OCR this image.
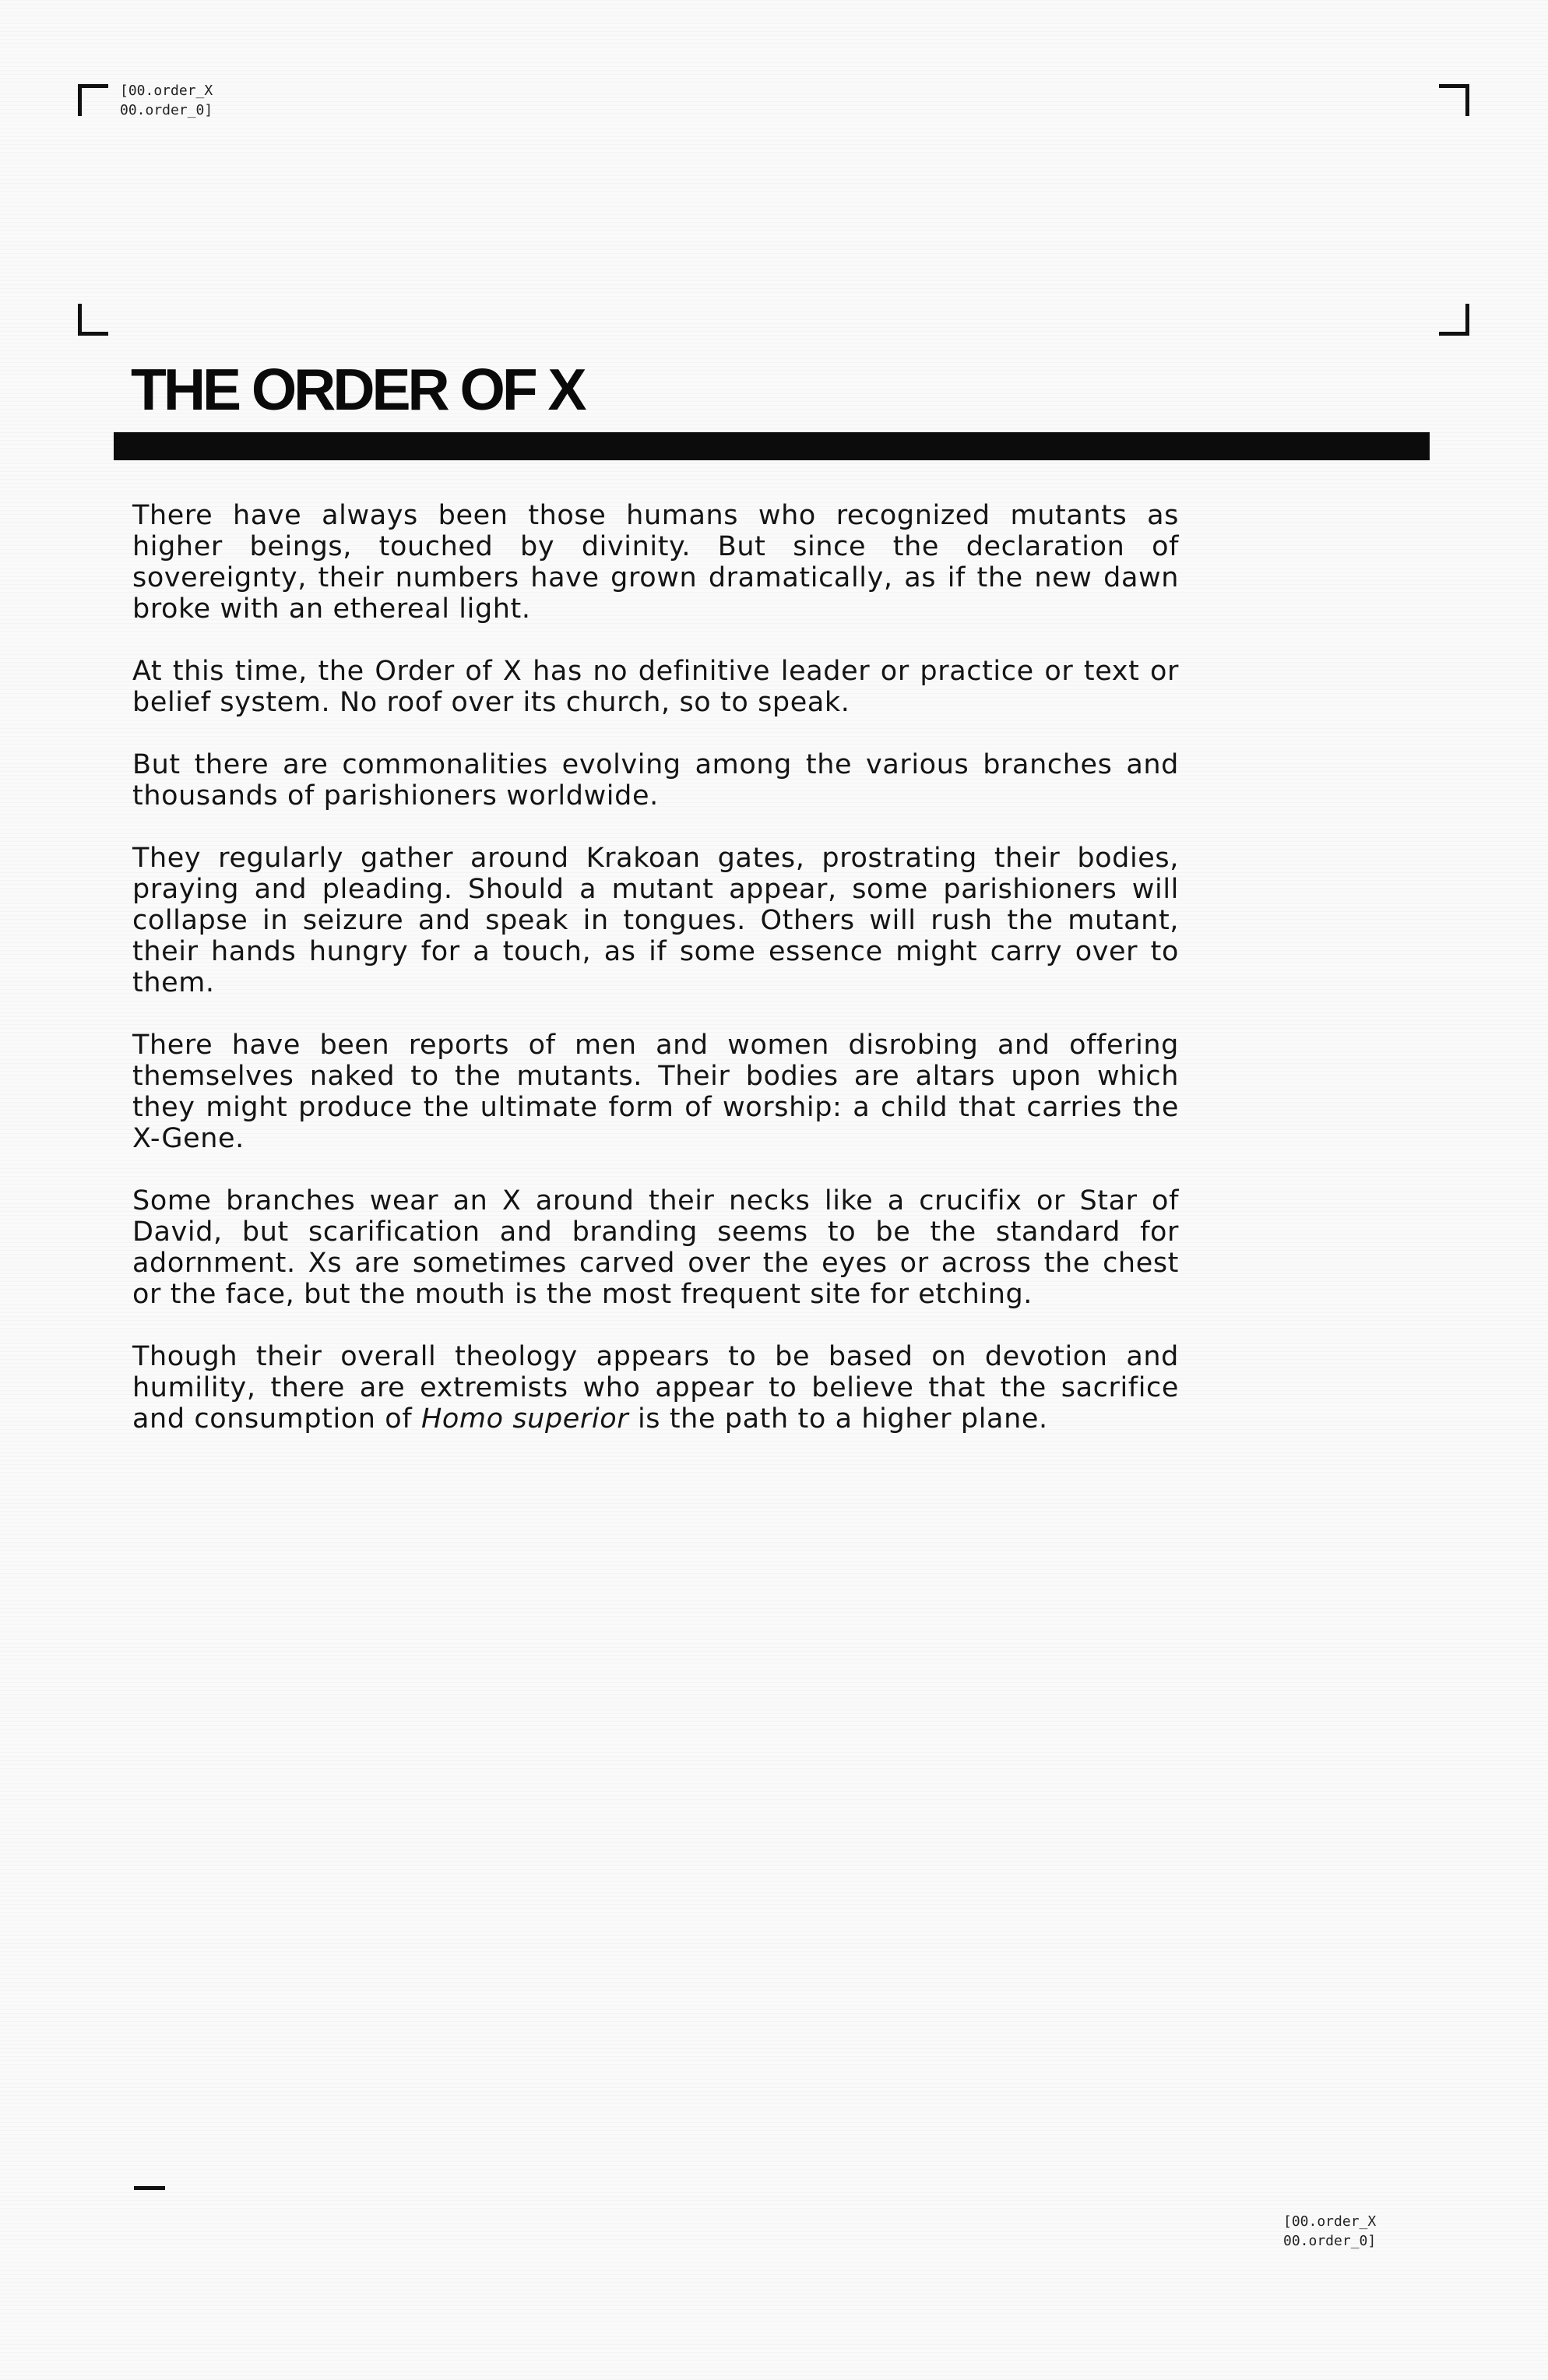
[00.order_X
00.order_0]
THE ORDER OF X

There have always been those humans who recognized mutants as higher beings, touched by divinity. But since the declaration of sovereignty, their numbers have grown dramatically, as if the new dawn broke with an ethereal light.

At this time, the Order of X has no definitive leader or practice or text or belief system. No roof over its church, so to speak.

But there are commonalities evolving among the various branches and thousands of parishioners worldwide.

They regularly gather around Krakoan gates, prostrating their bodies, praying and pleading. Should a mutant appear, some parishioners will collapse in seizure and speak in tongues. Others will rush the mutant, their hands hungry for a touch, as if some essence might carry over to them.

There have been reports of men and women disrobing and offering themselves naked to the mutants. Their bodies are altars upon which they might produce the ultimate form of worship: a child that carries the X-Gene.

Some branches wear an X around their necks like a crucifix or Star of David, but scarification and branding seems to be the standard for adornment. Xs are sometimes carved over the eyes or across the chest or the face, but the mouth is the most frequent site for etching.

Though their overall theology appears to be based on devotion and humility, there are extremists who appear to believe that the sacrifice and consumption of Homo superior is the path to a higher plane.

[00.order_X
00.order_0]
